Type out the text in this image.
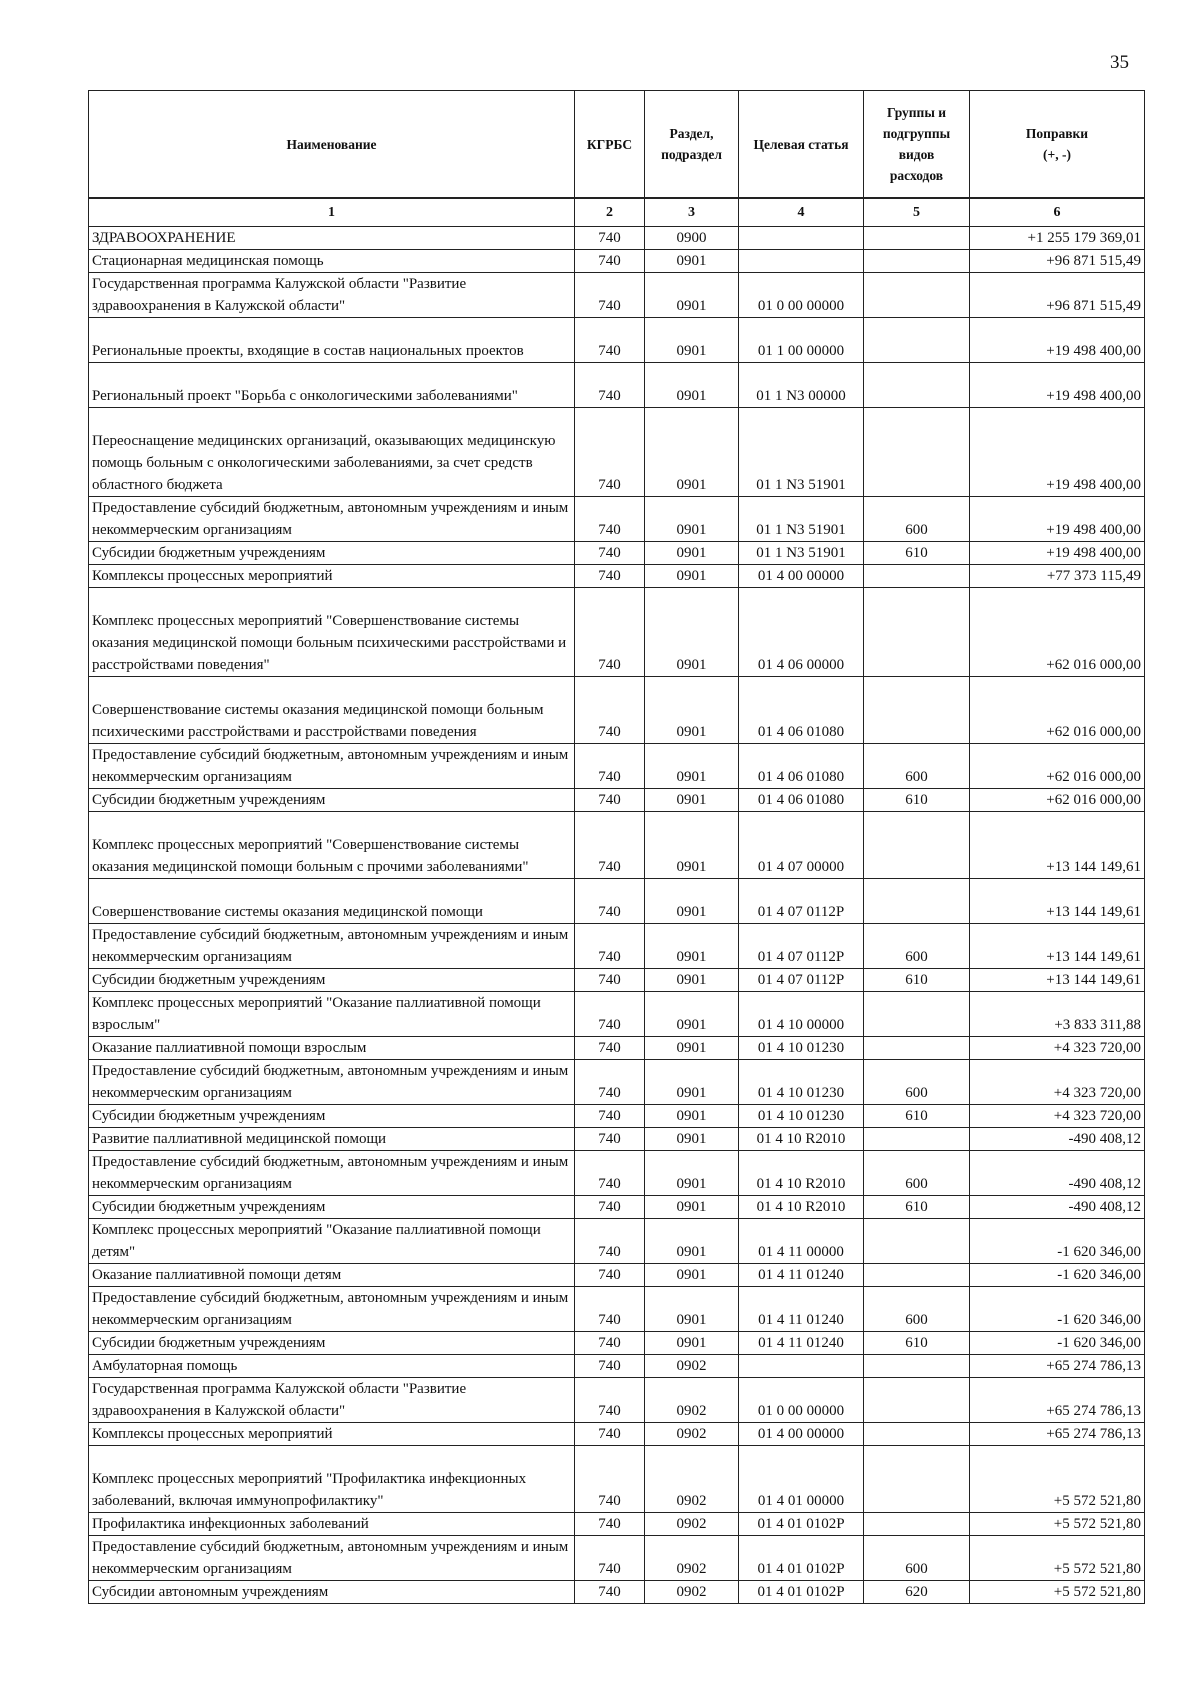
35
Наименование	КГРБС	Раздел, подраздел	Целевая статья	Группы и подгруппы видов расходов	Поправки (+, -)
1	2	3	4	5	6
ЗДРАВООХРАНЕНИЕ	740	0900			+1 255 179 369,01
Стационарная медицинская помощь	740	0901			+96 871 515,49
Государственная программа Калужской области "Развитие здравоохранения в Калужской области"	740	0901	01 0 00 00000		+96 871 515,49
Региональные проекты, входящие в состав национальных проектов	740	0901	01 1 00 00000		+19 498 400,00
Региональный проект "Борьба с онкологическими заболеваниями"	740	0901	01 1 N3 00000		+19 498 400,00
Переоснащение медицинских организаций, оказывающих медицинскую помощь больным с онкологическими заболеваниями, за счет средств областного бюджета	740	0901	01 1 N3 51901		+19 498 400,00
Предоставление субсидий бюджетным, автономным учреждениям и иным некоммерческим организациям	740	0901	01 1 N3 51901	600	+19 498 400,00
Субсидии бюджетным учреждениям	740	0901	01 1 N3 51901	610	+19 498 400,00
Комплексы процессных мероприятий	740	0901	01 4 00 00000		+77 373 115,49
Комплекс процессных мероприятий "Совершенствование системы оказания медицинской помощи больным психическими расстройствами и расстройствами поведения"	740	0901	01 4 06 00000		+62 016 000,00
Совершенствование системы оказания медицинской помощи больным психическими расстройствами и расстройствами поведения	740	0901	01 4 06 01080		+62 016 000,00
Предоставление субсидий бюджетным, автономным учреждениям и иным некоммерческим организациям	740	0901	01 4 06 01080	600	+62 016 000,00
Субсидии бюджетным учреждениям	740	0901	01 4 06 01080	610	+62 016 000,00
Комплекс процессных мероприятий "Совершенствование системы оказания медицинской помощи больным с прочими заболеваниями"	740	0901	01 4 07 00000		+13 144 149,61
Совершенствование системы оказания медицинской помощи	740	0901	01 4 07 0112P		+13 144 149,61
Предоставление субсидий бюджетным, автономным учреждениям и иным некоммерческим организациям	740	0901	01 4 07 0112P	600	+13 144 149,61
Субсидии бюджетным учреждениям	740	0901	01 4 07 0112P	610	+13 144 149,61
Комплекс процессных мероприятий "Оказание паллиативной помощи взрослым"	740	0901	01 4 10 00000		+3 833 311,88
Оказание паллиативной помощи взрослым	740	0901	01 4 10 01230		+4 323 720,00
Предоставление субсидий бюджетным, автономным учреждениям и иным некоммерческим организациям	740	0901	01 4 10 01230	600	+4 323 720,00
Субсидии бюджетным учреждениям	740	0901	01 4 10 01230	610	+4 323 720,00
Развитие паллиативной медицинской помощи	740	0901	01 4 10 R2010		-490 408,12
Предоставление субсидий бюджетным, автономным учреждениям и иным некоммерческим организациям	740	0901	01 4 10 R2010	600	-490 408,12
Субсидии бюджетным учреждениям	740	0901	01 4 10 R2010	610	-490 408,12
Комплекс процессных мероприятий "Оказание паллиативной помощи детям"	740	0901	01 4 11 00000		-1 620 346,00
Оказание паллиативной помощи детям	740	0901	01 4 11 01240		-1 620 346,00
Предоставление субсидий бюджетным, автономным учреждениям и иным некоммерческим организациям	740	0901	01 4 11 01240	600	-1 620 346,00
Субсидии бюджетным учреждениям	740	0901	01 4 11 01240	610	-1 620 346,00
Амбулаторная помощь	740	0902			+65 274 786,13
Государственная программа Калужской области "Развитие здравоохранения в Калужской области"	740	0902	01 0 00 00000		+65 274 786,13
Комплексы процессных мероприятий	740	0902	01 4 00 00000		+65 274 786,13
Комплекс процессных мероприятий "Профилактика инфекционных заболеваний, включая иммунопрофилактику"	740	0902	01 4 01 00000		+5 572 521,80
Профилактика инфекционных заболеваний	740	0902	01 4 01 0102P		+5 572 521,80
Предоставление субсидий бюджетным, автономным учреждениям и иным некоммерческим организациям	740	0902	01 4 01 0102P	600	+5 572 521,80
Субсидии автономным учреждениям	740	0902	01 4 01 0102P	620	+5 572 521,80
